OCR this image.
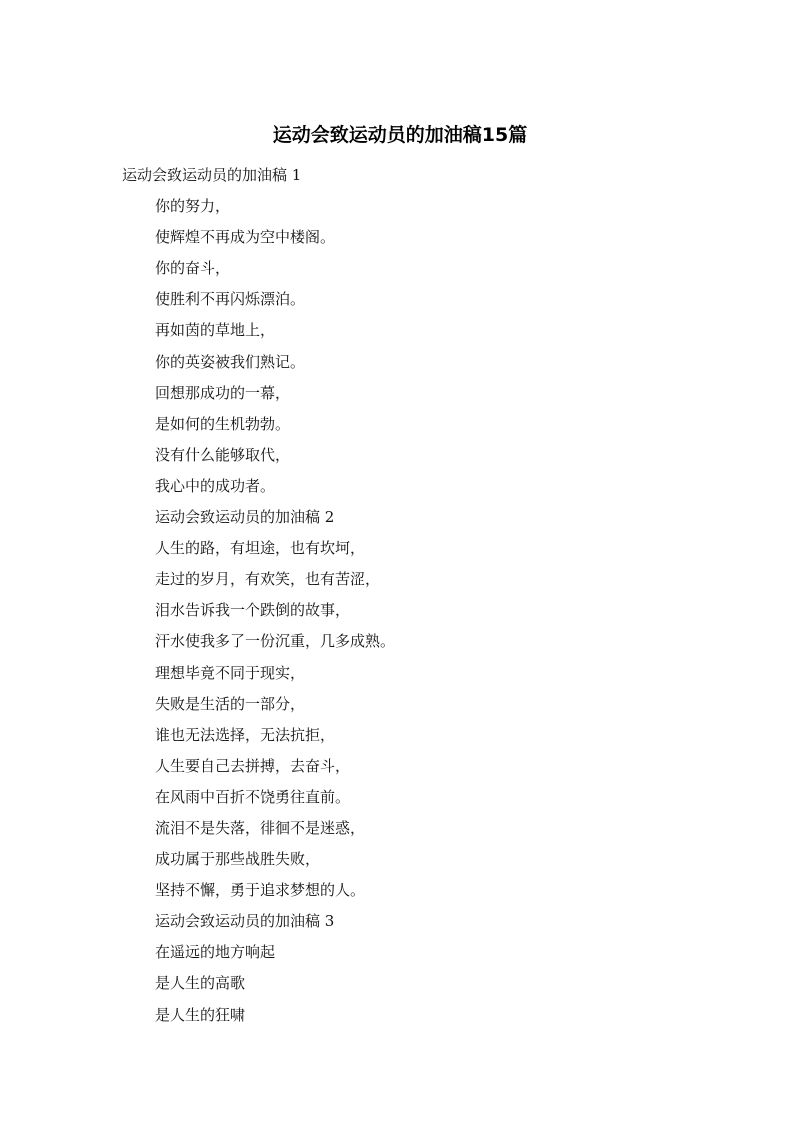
运动会致运动员的加油稿15篇
运动会致运动员的加油稿 1
你的努力，
使辉煌不再成为空中楼阁。
你的奋斗，
使胜利不再闪烁漂泊。
再如茵的草地上，
你的英姿被我们熟记。
回想那成功的一幕，
是如何的生机勃勃。
没有什么能够取代，
我心中的成功者。
运动会致运动员的加油稿 2
人生的路，有坦途，也有坎坷，
走过的岁月，有欢笑，也有苦涩，
泪水告诉我一个跌倒的故事，
汗水使我多了一份沉重，几多成熟。
理想毕竟不同于现实，
失败是生活的一部分，
谁也无法选择，无法抗拒，
人生要自己去拼搏，去奋斗，
在风雨中百折不饶勇往直前。
流泪不是失落，徘徊不是迷惑，
成功属于那些战胜失败，
坚持不懈，勇于追求梦想的人。
运动会致运动员的加油稿 3
在遥远的地方响起
是人生的高歌
是人生的狂啸
